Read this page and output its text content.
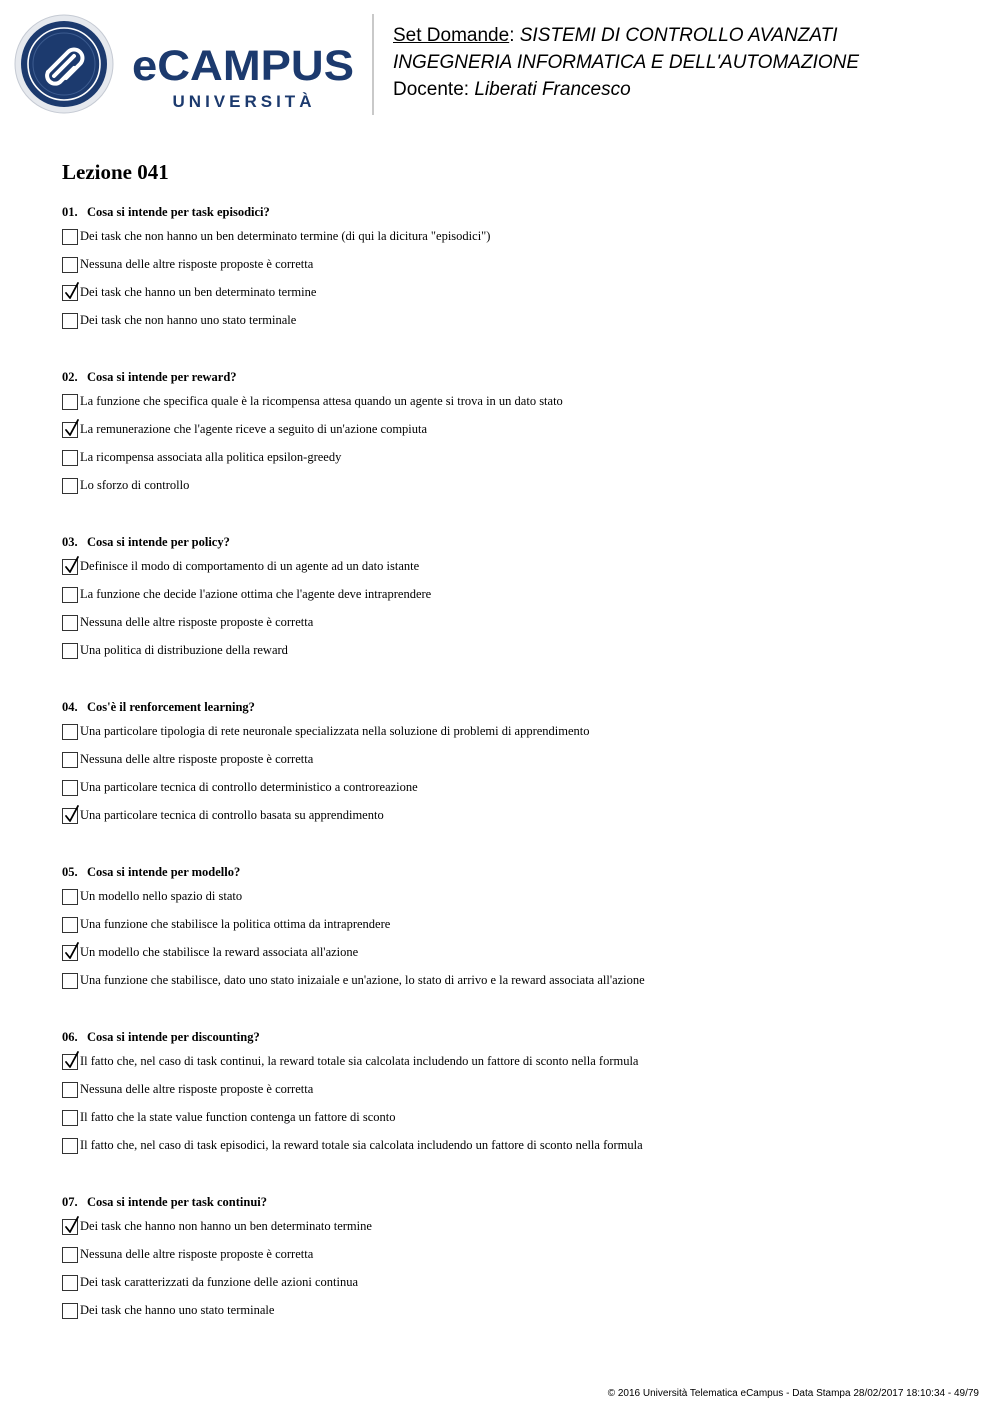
eCAMPUS
UNIVERSITÀ
Set Domande: SISTEMI DI CONTROLLO AVANZATI
INGEGNERIA INFORMATICA E DELL'AUTOMAZIONE
Docente: Liberati Francesco
Lezione 041
01. Cosa si intende per task episodici?
Dei task che non hanno un ben determinato termine (di qui la dicitura "episodici")
Nessuna delle altre risposte proposte è corretta
Dei task che hanno un ben determinato termine
Dei task che non hanno uno stato terminale
02. Cosa si intende per reward?
La funzione che specifica quale è la ricompensa attesa quando un agente si trova in un dato stato
La remunerazione che l'agente riceve a seguito di un'azione compiuta
La ricompensa associata alla politica epsilon-greedy
Lo sforzo di controllo
03. Cosa si intende per policy?
Definisce il modo di comportamento di un agente ad un dato istante
La funzione che decide l'azione ottima che l'agente deve intraprendere
Nessuna delle altre risposte proposte è corretta
Una politica di distribuzione della reward
04. Cos'è il renforcement learning?
Una particolare tipologia di rete neuronale specializzata nella soluzione di problemi di apprendimento
Nessuna delle altre risposte proposte è corretta
Una particolare tecnica di controllo deterministico a controreazione
Una particolare tecnica di controllo basata su apprendimento
05. Cosa si intende per modello?
Un modello nello spazio di stato
Una funzione che stabilisce la politica ottima da intraprendere
Un modello che stabilisce la reward associata all'azione
Una funzione che stabilisce, dato uno stato inizaiale e un'azione, lo stato di arrivo e la reward associata all'azione
06. Cosa si intende per discounting?
Il fatto che, nel caso di task continui, la reward totale sia calcolata includendo un fattore di sconto nella formula
Nessuna delle altre risposte proposte è corretta
Il fatto che la state value function contenga un fattore di sconto
Il fatto che, nel caso di task episodici, la reward totale sia calcolata includendo un fattore di sconto nella formula
07. Cosa si intende per task continui?
Dei task che hanno non hanno un ben determinato termine
Nessuna delle altre risposte proposte è corretta
Dei task caratterizzati da funzione delle azioni continua
Dei task che hanno uno stato terminale
© 2016 Università Telematica eCampus - Data Stampa 28/02/2017 18:10:34 - 49/79
